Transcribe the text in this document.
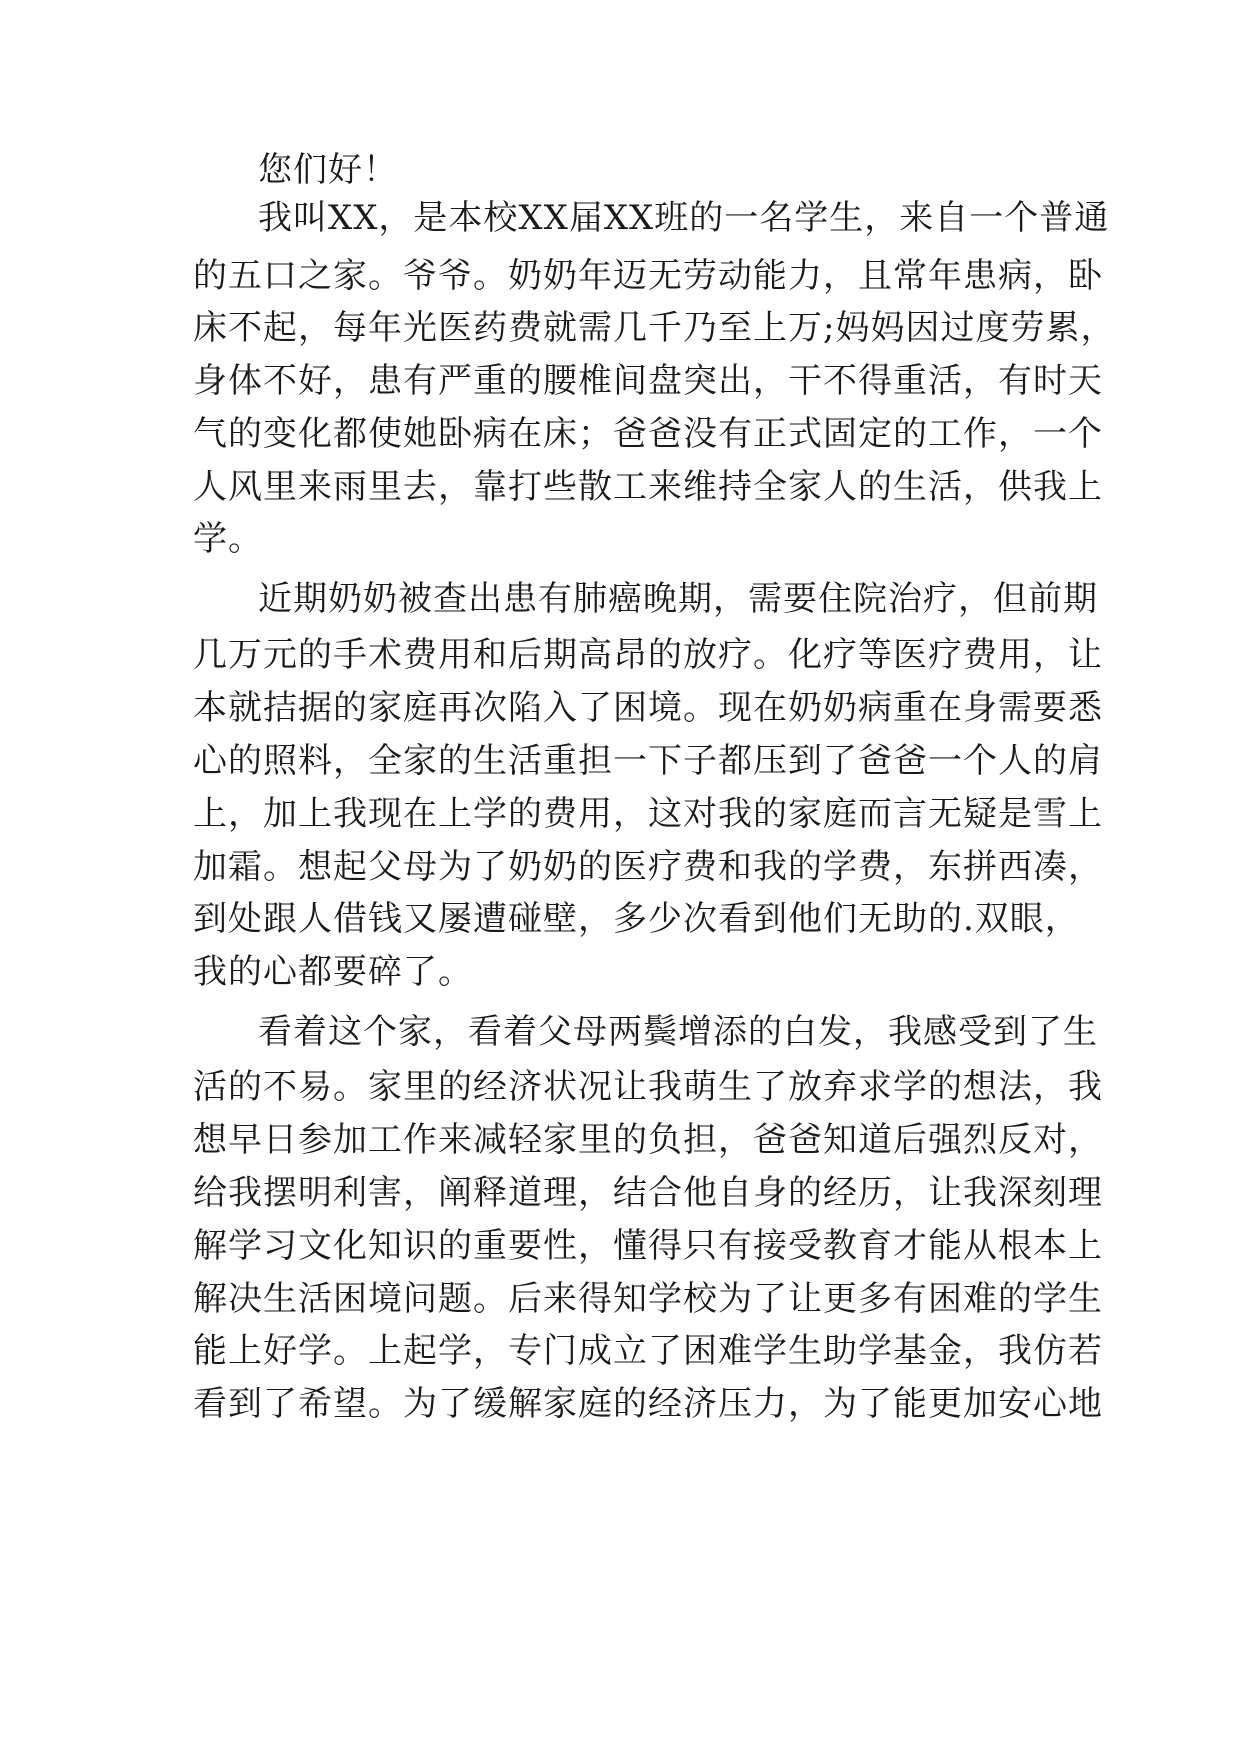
您们好！
我叫XX，是本校XX届XX班的一名学生，来自一个普通
的五口之家。爷爷。奶奶年迈无劳动能力，且常年患病，卧
床不起，每年光医药费就需几千乃至上万;妈妈因过度劳累，
身体不好，患有严重的腰椎间盘突出，干不得重活，有时天
气的变化都使她卧病在床；爸爸没有正式固定的工作，一个
人风里来雨里去，靠打些散工来维持全家人的生活，供我上
学。
近期奶奶被查出患有肺癌晚期，需要住院治疗，但前期
几万元的手术费用和后期高昂的放疗。化疗等医疗费用，让
本就拮据的家庭再次陷入了困境。现在奶奶病重在身需要悉
心的照料，全家的生活重担一下子都压到了爸爸一个人的肩
上，加上我现在上学的费用，这对我的家庭而言无疑是雪上
加霜。想起父母为了奶奶的医疗费和我的学费，东拼西凑，
到处跟人借钱又屡遭碰壁，多少次看到他们无助的.双眼，
我的心都要碎了。
看着这个家，看着父母两鬓增添的白发，我感受到了生
活的不易。家里的经济状况让我萌生了放弃求学的想法，我
想早日参加工作来减轻家里的负担，爸爸知道后强烈反对，
给我摆明利害，阐释道理，结合他自身的经历，让我深刻理
解学习文化知识的重要性，懂得只有接受教育才能从根本上
解决生活困境问题。后来得知学校为了让更多有困难的学生
能上好学。上起学，专门成立了困难学生助学基金，我仿若
看到了希望。为了缓解家庭的经济压力，为了能更加安心地
